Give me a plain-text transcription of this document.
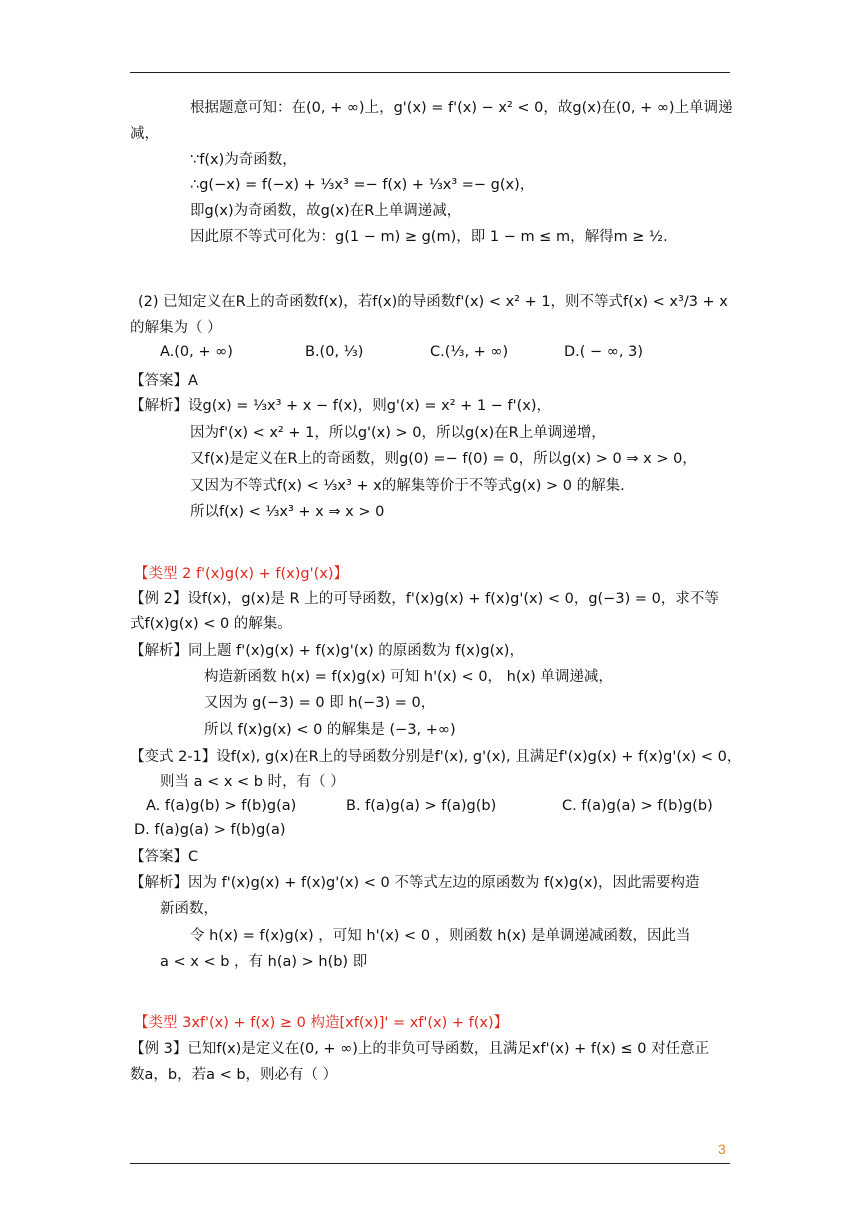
根据题意可知：在(0, + ∞)上，g'(x) = f'(x) − x² < 0，故g(x)在(0, + ∞)上单调递
减，
∵f(x)为奇函数，
∴g(−x) = f(−x) + ⅓x³ =− f(x) + ⅓x³ =− g(x)，
即g(x)为奇函数，故g(x)在R上单调递减，
因此原不等式可化为：g(1 − m) ≥ g(m)，即 1 − m ≤ m，解得m ≥ ½.
(2) 已知定义在R上的奇函数f(x)，若f(x)的导函数f'(x) < x² + 1，则不等式f(x) < x³/3 + x
的解集为（ ）
A.(0, + ∞)	B.(0, ⅓)	C.(⅓, + ∞)	D.( − ∞, 3)
【答案】A
【解析】设g(x) = ⅓x³ + x − f(x)，则g'(x) = x² + 1 − f'(x)，
因为f'(x) < x² + 1，所以g'(x) > 0，所以g(x)在R上单调递增，
又f(x)是定义在R上的奇函数，则g(0) =− f(0) = 0，所以g(x) > 0 ⇒ x > 0，
又因为不等式f(x) < ⅓x³ + x的解集等价于不等式g(x) > 0 的解集.
所以f(x) < ⅓x³ + x ⇒ x > 0
【类型 2 f'(x)g(x) + f(x)g'(x)】
【例 2】设f(x)，g(x)是 R 上的可导函数，f'(x)g(x) + f(x)g'(x) < 0，g(−3) = 0，求不等
式f(x)g(x) < 0 的解集。
【解析】同上题 f'(x)g(x) + f(x)g'(x) 的原函数为 f(x)g(x)，
构造新函数 h(x) = f(x)g(x) 可知 h'(x) < 0， h(x) 单调递减，
又因为 g(−3) = 0 即 h(−3) = 0，
所以 f(x)g(x) < 0 的解集是 (−3, +∞)
【变式 2-1】设f(x), g(x)在R上的导函数分别是f'(x), g'(x), 且满足f'(x)g(x) + f(x)g'(x) < 0，
则当 a < x < b 时，有（ ）
A. f(a)g(b) > f(b)g(a)	B. f(a)g(a) > f(a)g(b)	C. f(a)g(a) > f(b)g(b)
D. f(a)g(a) > f(b)g(a)
【答案】C
【解析】因为 f'(x)g(x) + f(x)g'(x) < 0 不等式左边的原函数为 f(x)g(x)，因此需要构造
新函数，
令 h(x) = f(x)g(x) ，可知 h'(x) < 0 ，则函数 h(x) 是单调递减函数，因此当
a < x < b ，有 h(a) > h(b) 即
【类型 3xf'(x) + f(x) ≥ 0 构造[xf(x)]' = xf'(x) + f(x)】
【例 3】已知f(x)是定义在(0, + ∞)上的非负可导函数，且满足xf'(x) + f(x) ≤ 0 对任意正
数a，b，若a < b，则必有（ ）
3
